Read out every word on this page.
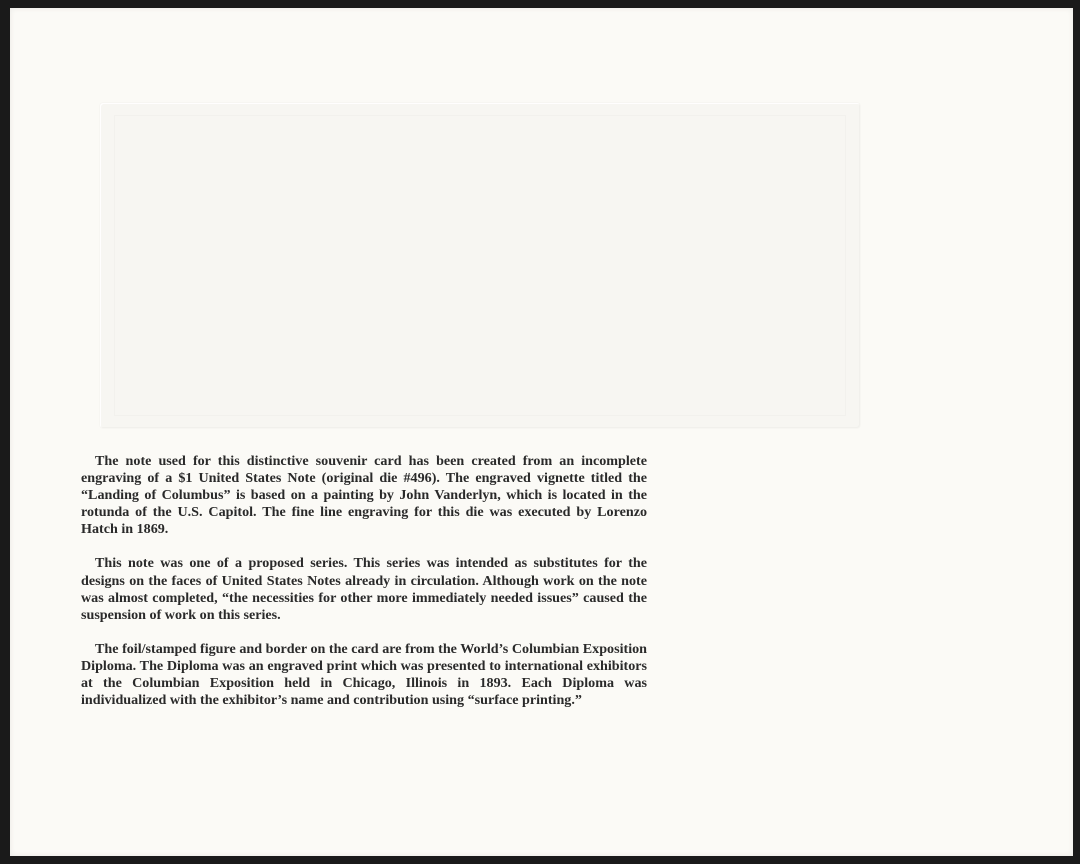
The note used for this distinctive souvenir card has been created from an incomplete engraving of a $1 United States Note (original die #496). The engraved vignette titled the “Landing of Columbus” is based on a painting by John Vanderlyn, which is located in the rotunda of the U.S. Capitol. The fine line engraving for this die was executed by Lorenzo Hatch in 1869.

This note was one of a proposed series. This series was intended as substitutes for the designs on the faces of United States Notes already in circulation. Although work on the note was almost completed, “the necessities for other more immediately needed issues” caused the suspension of work on this series.

The foil/stamped figure and border on the card are from the World’s Columbian Exposition Diploma. The Diploma was an engraved print which was presented to international exhibitors at the Columbian Exposition held in Chicago, Illinois in 1893. Each Diploma was individualized with the exhibitor’s name and contribution using “surface printing.”
